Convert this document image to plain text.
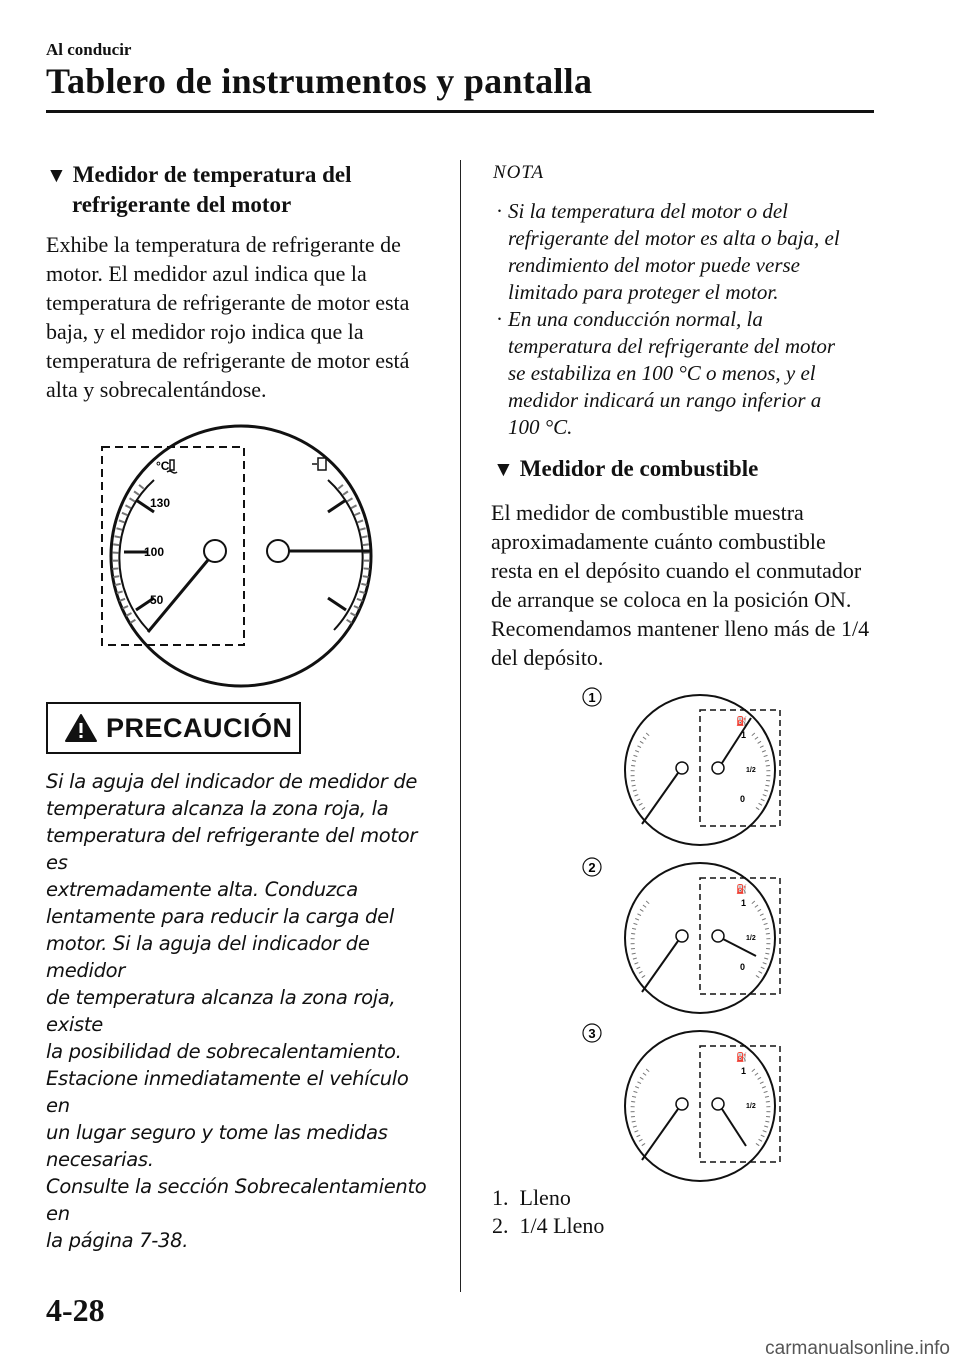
Al conducir
Tablero de instrumentos y pantalla
▼ Medidor de temperatura del
refrigerante del motor

Exhibe la temperatura de refrigerante de

motor. El medidor azul indica que la

temperatura de refrigerante de motor esta

baja, y el medidor rojo indica que la

temperatura de refrigerante de motor está

alta y sobrecalentándose.

130
100
50
°C
PRECAUCIÓN
Si la aguja del indicador de medidor de
temperatura alcanza la zona roja, la
temperatura del refrigerante del motor es
extremadamente alta. Conduzca
lentamente para reducir la carga del
motor. Si la aguja del indicador de medidor
de temperatura alcanza la zona roja, existe
la posibilidad de sobrecalentamiento.
Estacione inmediatamente el vehículo en
un lugar seguro y tome las medidas
necesarias.
Consulte la sección Sobrecalentamiento en
la página 7-38.
NOTA
· Si la temperatura del motor o del
refrigerante del motor es alta o baja, el
rendimiento del motor puede verse
limitado para proteger el motor.
· En una conducción normal, la
temperatura del refrigerante del motor
se estabiliza en 100 °C o menos, y el
medidor indicará un rango inferior a
100 °C.
▼ Medidor de combustible

El medidor de combustible muestra

aproximadamente cuánto combustible

resta en el depósito cuando el conmutador

de arranque se coloca en la posición ON.

Recomendamos mantener lleno más de 1/4

del depósito.

1
1
1/2
0
⛽
2
1
1/2
0
⛽
3
1
1/2
⛽
1. Lleno
2. 1/4 Lleno
4-28
carmanualsonline.info
